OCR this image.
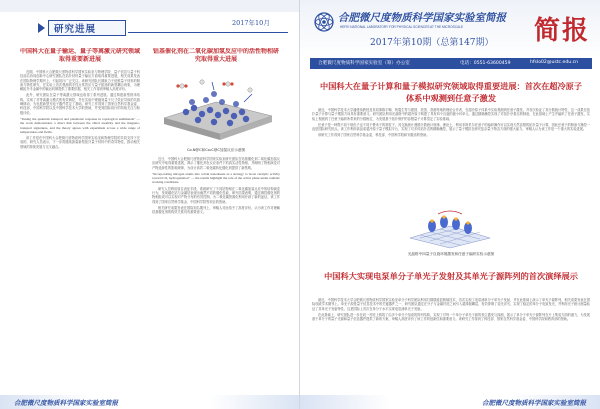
研究进展
2017年10月
中国科大在量子输运、量子等离激元研究领域取得重要新进展

近期，中国科大合肥微尺度物质科学国家实验室与物理学院、量子信息与量子科技前沿协同创新中心研究团队在拓扑材料量子输运方面取得重要进展，相关成果发表在国际物理学期刊上，引起同行广泛关注。该研究团队长期致力于低维量子材料的制备与物性研究，在实验上首次观测到手性反常效应与量子振荡的新型耦合现象，为理解拓扑半金属中的输运机制提供了重要依据，相关工作得到审稿人高度评价。

此外，研究团队在量子等离激元领域也取得了系列进展。通过构建新型纳米结构，实现了对等离激元模式的有效调控，并在实验中观测到量子尺寸效应导致的共振峰移动，为发展新型光电子器件奠定了基础。研究工作得到了国家自然科学基金委、科技部、中国科学院以及中国科学技术大学的资助，并受到国际同行的持续关注与积极评价。

"Tuning the quantum transport and plasmonic response in topological semimetals" — the work demonstrates a direct link between the chiral anomaly and the magneto-transport signatures, and the theory agrees with experiment across a wide range of temperatures and fields.

该工作是在中国科大合肥微尺度物质科学国家实验室和物理学院的共同支持下完成的，研究人员表示，下一步将继续探索新型拓扑量子材料中的奇异物性，推动相关领域的持续发展与交叉融合。

钴基催化剂在二氧化碳加氢反应中的活性物相研究取得重大进展
Co.N@C和Co₂C@C加氢反应示意图

近日，中国科大合肥微尺度物质科学国家实验室研究团队在钴基催化剂二氧化碳加氢反应研究中取得重要进展，揭示了催化剂在反应条件下的真实活性物相，并阐明了物相演变对产物选择性的影响规律，为设计高效二氧化碳转化催化剂提供了新思路。

"Incorporating nitrogen atoms into cobalt nanosheets as a strategy to boost catalytic activity toward CO₂ hydrogenation" — the results highlight the role of the active phase under realistic working conditions.

研究人员利用原位表征手段，系统研究了不同钴物相在二氧化碳加氢反应中的结构演变行为，发现碳化钴与金属钴表现出截然不同的催化性能，研究结果表明，通过调控催化剂的物相组成可以实现对产物分布的有效控制，为二氧化碳资源化利用开辟了新的途径。该工作得到了国家自然科学基金、中国科学院等项目的资助。

相关研究成果发表在国际知名期刊上，审稿人对此给予了高度评价，认为该工作对理解钴基催化剂的构效关系具有重要意义。

合肥微尺度物质科学国家实验室简报
合肥微尺度物质科学国家实验室简报
HEFEI NATIONAL LABORATORY FOR PHYSICAL SCIENCES AT THE MICROSCALE
2017年第10期（总第147期） 简报
合肥微尺度物质科学国家实验室（筹）办公室	电话：0551-63600459	hfslo02@ustc.edu.cn
中国科大在量子计算和量子模拟研究领域取得重要进展：首次在超冷原子体系中观测到任意子激发

最近，中国科学技术大学潘建伟教授及其同事陈宇翱、苑震生等与德国、美国、香港等地的理论合作者，在超冷原子体系中实验观测到任意子激发，并首次验证了其分数统计特性，这一成果在拓扑量子计算与量子模拟方向具有重要意义。研究团队利用光晶格中的超冷原子构建了具有四个自旋的最小环单元，通过精确操控实现了对拓扑序基态的制备，在此基础上产生并编织了任意子激发，实验上观测到了任意子编织所带来的分数相位，为发展基于拓扑保护的容错量子计算奠定了实验基础。

任意子是一种既不同于玻色子也不同于费米子的准粒子，其交换统计遵循分数统计规律。理论上，利用非阿贝尔任意子的编织操作可以实现天然容错的拓扑量子计算，因此任意子的制备与操控一直是国际研究热点。该工作利用高品质超冷原子量子模拟平台，实现了对多体拓扑态的精确操控，展示了量子模拟在研究复杂量子物态方面的强大能力，审稿人认为该工作是一个重大的实验进展。

该研究工作得到了国家自然科学基金委、科技部、中国科学院和安徽省的资助。

光晶格中四量子自旋环境激发和任意子编织实验示意图
中国科大实现电泵单分子单光子发射及其单光子源阵列的首次演绎展示

最近，中国科学技术大学合肥微尺度物质科学国家实验室单分子科学团队利用扫描隧道显微镜技术，首次实现了电泵浦单分子单光子发射，并在此基础上演示了单光子源阵列，相关成果发表在国际权威学术期刊上。单光子源是量子信息技术中的关键器件之一，研究团队通过在分子与金属衬底之间引入超薄脱耦层，有效抑制了荧光淬灭，实现了稳定的单分子电致发光，并利用光子统计测量验证了其单光子发射特性，这是国际上首次在单分子水平实现电泵浦单光子发射。

在此基础上，研究团队进一步在同一衬底上构筑了由多个单分子组成的阵列结构，实现了对每一个单分子单光子源的独立激发与探测，展示了单分子单光子源阵列在片上集成方面的潜力，为发展基于单分子的量子光源和量子信息器件提供了新的方案，审稿人高度评价了该工作的创新性和重要意义。该研究工作得到了科技部、国家自然科学基金委、中国科学院和教育部的资助。

合肥微尺度物质科学国家实验室简报
